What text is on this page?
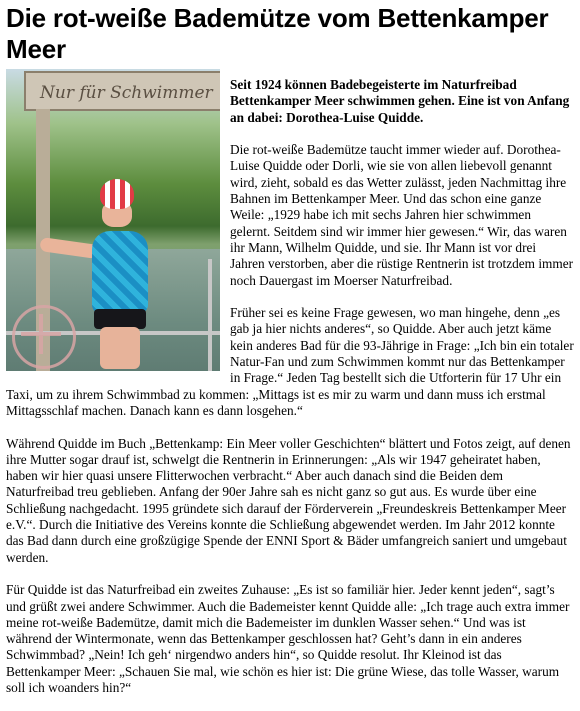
Die rot-weiße Bademütze vom Bettenkamper Meer
Nur für Schwimmer	Seit 1924 können Badebegeisterte im Naturfreibad Bettenkamper Meer schwimmen gehen. Eine ist von Anfang an dabei: Dorothea-Luise Quidde.

Die rot-weiße Bademütze taucht immer wieder auf. Dorothea-Luise Quidde oder Dorli, wie sie von allen liebevoll genannt wird, zieht, sobald es das Wetter zulässt, jeden Nachmittag ihre Bahnen im Bettenkamper Meer. Und das schon eine ganze Weile: „1929 habe ich mit sechs Jahren hier schwimmen gelernt. Seitdem sind wir immer hier gewesen.“ Wir, das waren ihr Mann, Wilhelm Quidde, und sie. Ihr Mann ist vor drei Jahren verstorben, aber die rüstige Rentnerin ist trotzdem immer noch Dauergast im Moerser Naturfreibad.

Früher sei es keine Frage gewesen, wo man hingehe, denn „es gab ja hier nichts anderes“, so Quidde. Aber auch jetzt käme kein anderes Bad für die 93-Jährige in Frage: „Ich bin ein totaler Natur-Fan und zum Schwimmen kommt nur das Bettenkamper in Frage.“ Jeden Tag bestellt sich die Utforterin für 17 Uhr ein Taxi, um zu ihrem Schwimmbad zu kommen: „Mittags ist es mir zu warm und dann muss ich erstmal Mittagsschlaf machen. Danach kann es dann losgehen.“

Während Quidde im Buch „Bettenkamp: Ein Meer voller Geschichten“ blättert und Fotos zeigt, auf denen ihre Mutter sogar drauf ist, schwelgt die Rentnerin in Erinnerungen: „Als wir 1947 geheiratet haben, haben wir hier quasi unsere Flitterwochen verbracht.“ Aber auch danach sind die Beiden dem Naturfreibad treu geblieben. Anfang der 90er Jahre sah es nicht ganz so gut aus. Es wurde über eine Schließung nachgedacht. 1995 gründete sich darauf der Förderverein „Freundeskreis Bettenkamper Meer e.V.“. Durch die Initiative des Vereins konnte die Schließung abgewendet werden. Im Jahr 2012 konnte das Bad dann durch eine großzügige Spende der ENNI Sport & Bäder umfangreich saniert und umgebaut werden.

Für Quidde ist das Naturfreibad ein zweites Zuhause: „Es ist so familiär hier. Jeder kennt jeden“, sagt’s und grüßt zwei andere Schwimmer. Auch die Bademeister kennt Quidde alle: „Ich trage auch extra immer meine rot-weiße Bademütze, damit mich die Bademeister im dunklen Wasser sehen.“ Und was ist während der Wintermonate, wenn das Bettenkamper geschlossen hat? Geht’s dann in ein anderes Schwimmbad? „Nein! Ich geh‘ nirgendwo anders hin“, so Quidde resolut. Ihr Kleinod ist das Bettenkamper Meer: „Schauen Sie mal, wie schön es hier ist: Die grüne Wiese, das tolle Wasser, warum soll ich woanders hin?“
